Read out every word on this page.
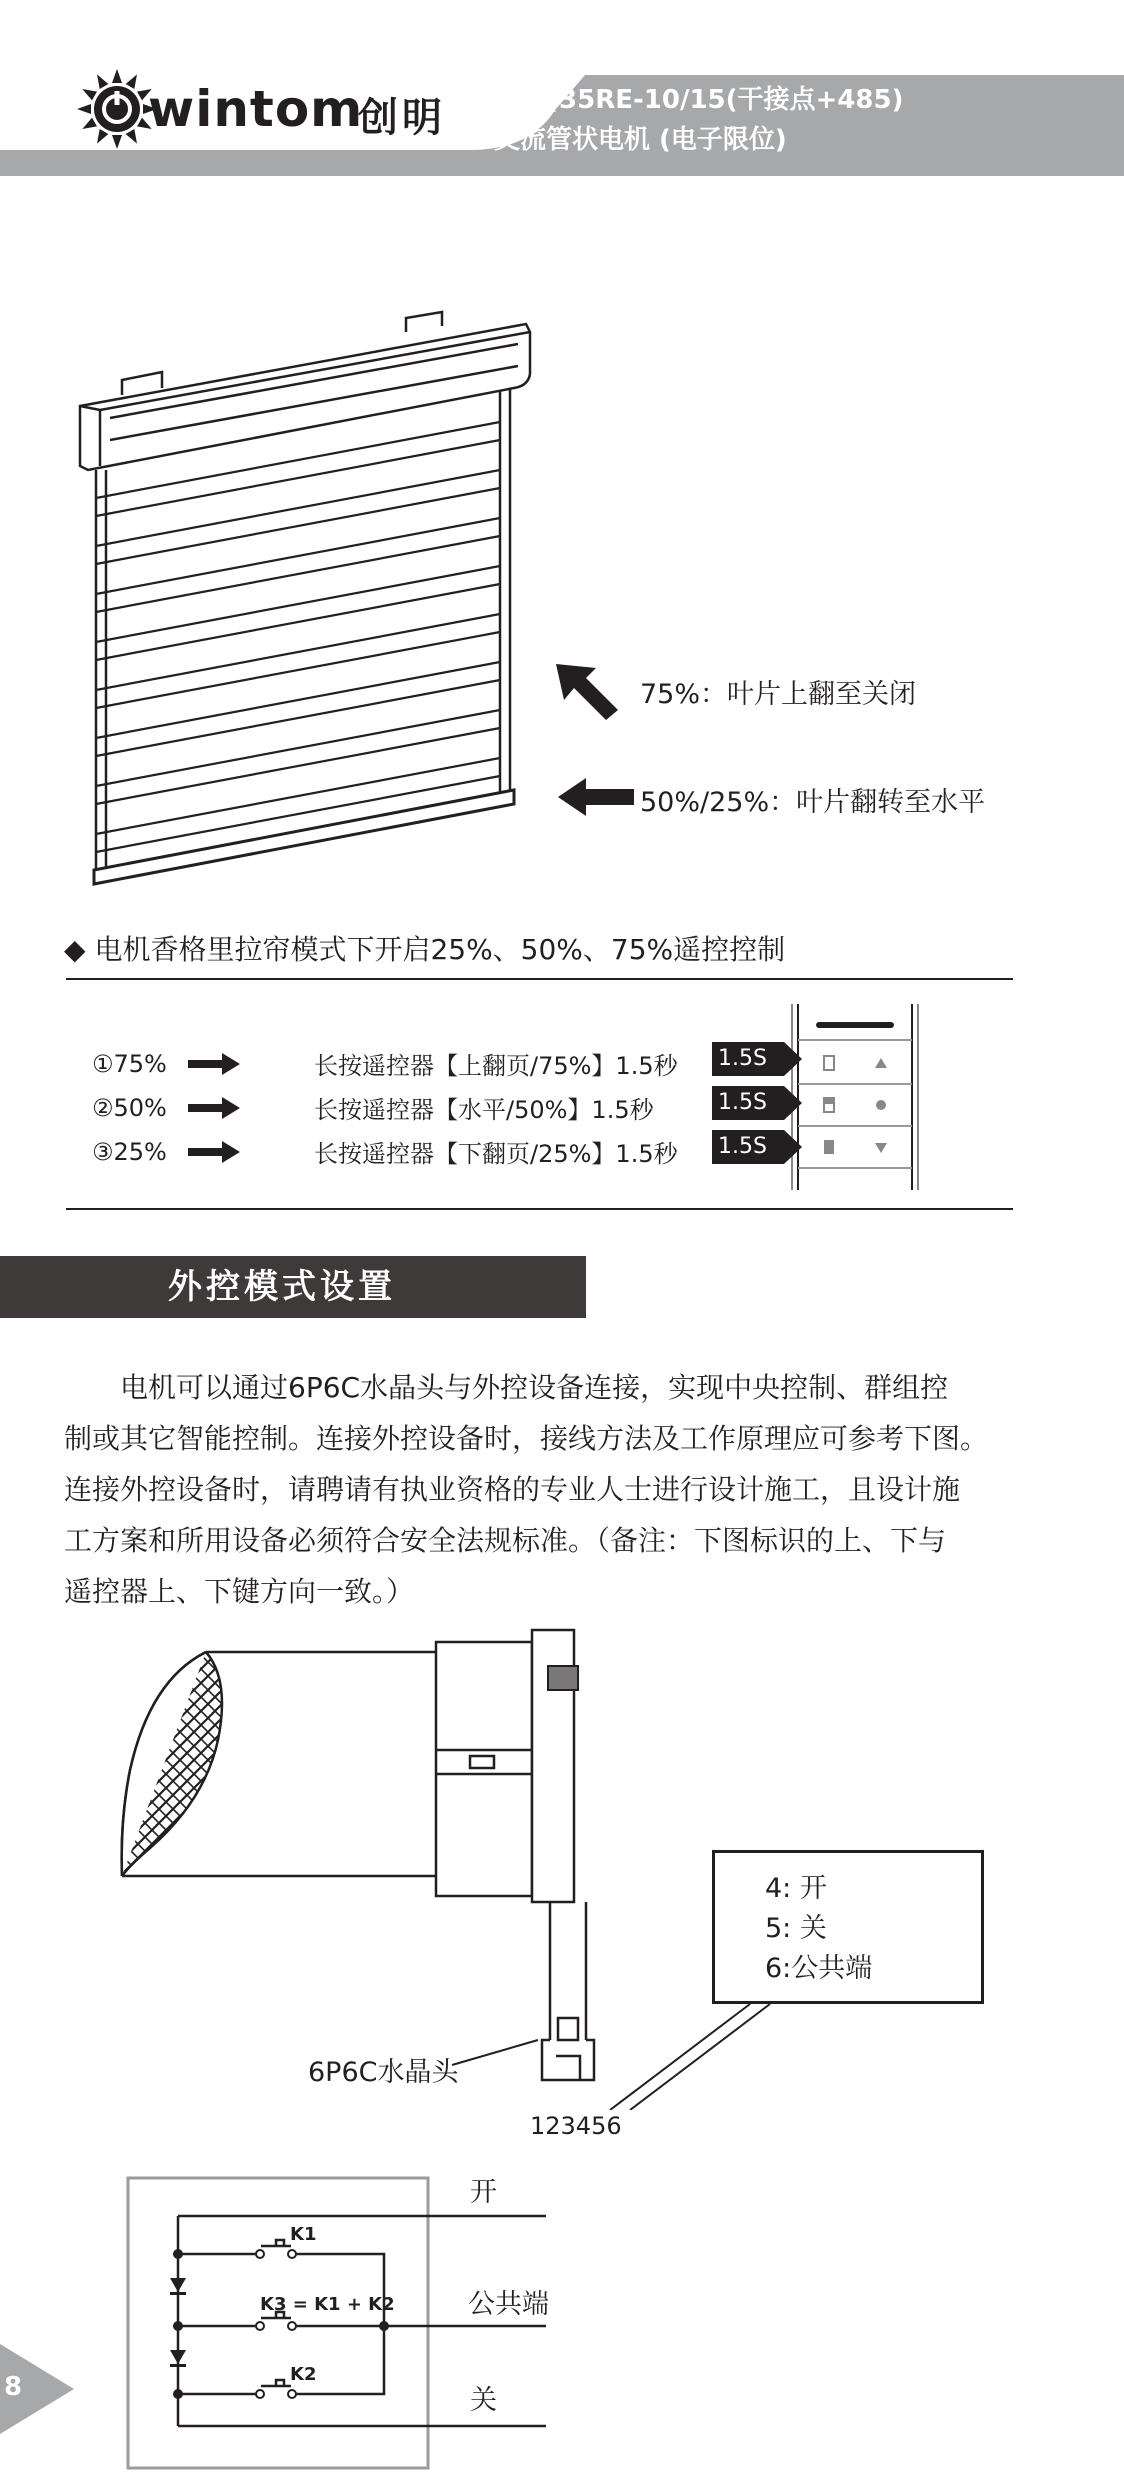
wintom
创明 DGQ35RE-10/15(干接点+485)
交流管状电机 (电子限位)
75%：叶片上翻至关闭
50%/25%：叶片翻转至水平
◆ 电机香格里拉帘模式下开启25%、50%、75%遥控控制
①75%	长按遥控器【上翻页/75%】1.5秒
②50%	长按遥控器【水平/50%】1.5秒
③25%	长按遥控器【下翻页/25%】1.5秒
1.5S
1.5S
1.5S
外控模式设置
电机可以通过6P6C水晶头与外控设备连接，实现中央控制、群组控
制或其它智能控制。连接外控设备时，接线方法及工作原理应可参考下图。
连接外控设备时，请聘请有执业资格的专业人士进行设计施工，且设计施
工方案和所用设备必须符合安全法规标准。（备注：下图标识的上、下与
遥控器上、下键方向一致。）
4: 开
5: 关
6:公共端
6P6C水晶头
123456
K1
K3 = K1 + K2
K2
开
公共端
关
8
